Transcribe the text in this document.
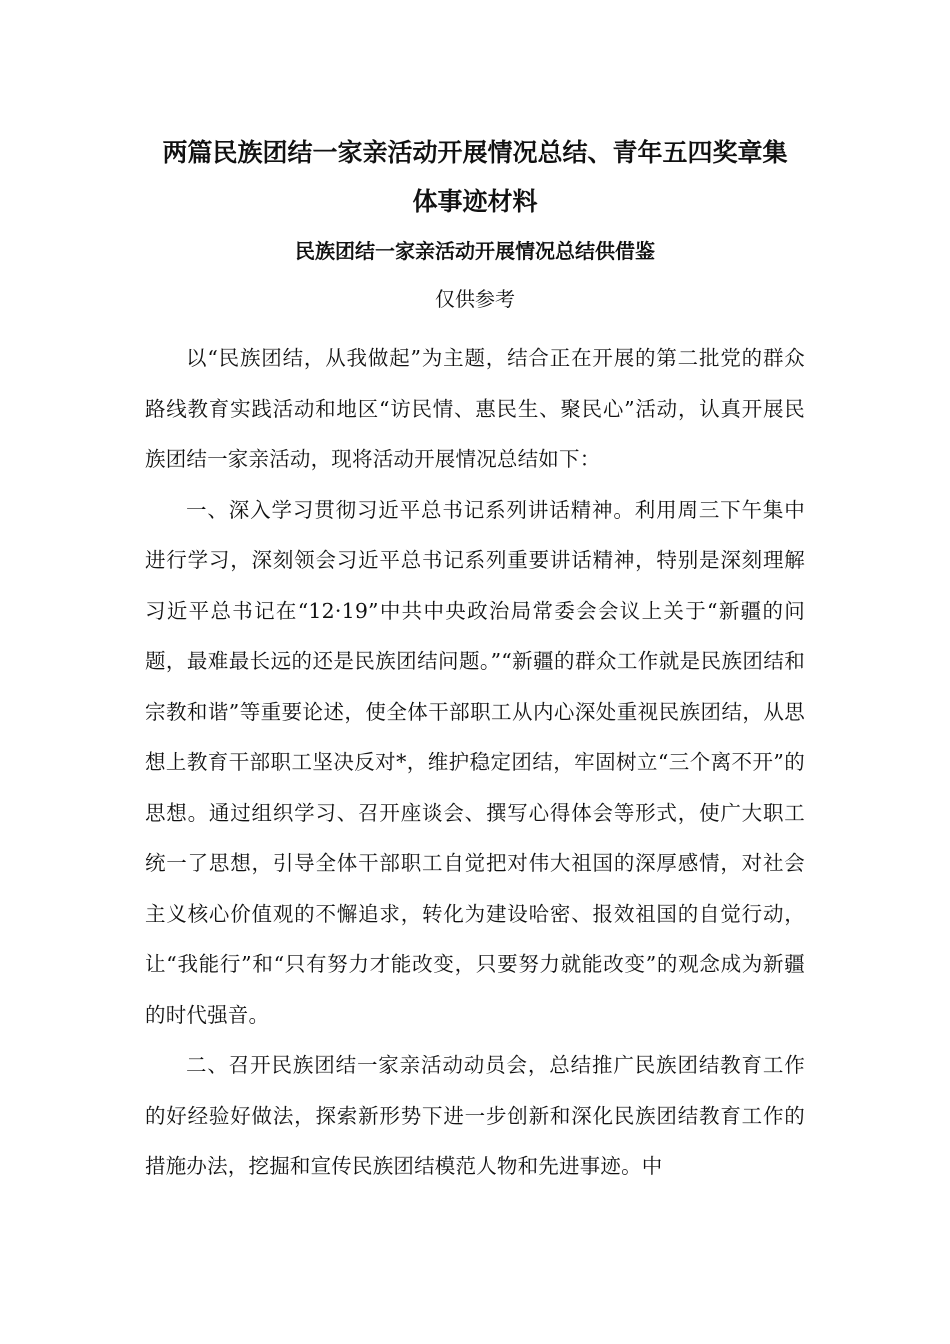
两篇民族团结一家亲活动开展情况总结、青年五四奖章集
体事迹材料
民族团结一家亲活动开展情况总结供借鉴
仅供参考

以“民族团结，从我做起”为主题，结合正在开展的第二批党的群众路线教育实践活动和地区“访民情、惠民生、聚民心”活动，认真开展民族团结一家亲活动，现将活动开展情况总结如下：

一、深入学习贯彻习近平总书记系列讲话精神。利用周三下午集中进行学习，深刻领会习近平总书记系列重要讲话精神，特别是深刻理解习近平总书记在“12·19”中共中央政治局常委会会议上关于“新疆的问题，最难最长远的还是民族团结问题。”“新疆的群众工作就是民族团结和宗教和谐”等重要论述，使全体干部职工从内心深处重视民族团结，从思想上教育干部职工坚决反对*，维护稳定团结，牢固树立“三个离不开”的思想。通过组织学习、召开座谈会、撰写心得体会等形式，使广大职工统一了思想，引导全体干部职工自觉把对伟大祖国的深厚感情，对社会主义核心价值观的不懈追求，转化为建设哈密、报效祖国的自觉行动，让“我能行”和“只有努力才能改变，只要努力就能改变”的观念成为新疆的时代强音。

二、召开民族团结一家亲活动动员会，总结推广民族团结教育工作的好经验好做法，探索新形势下进一步创新和深化民族团结教育工作的措施办法，挖掘和宣传民族团结模范人物和先进事迹。中
